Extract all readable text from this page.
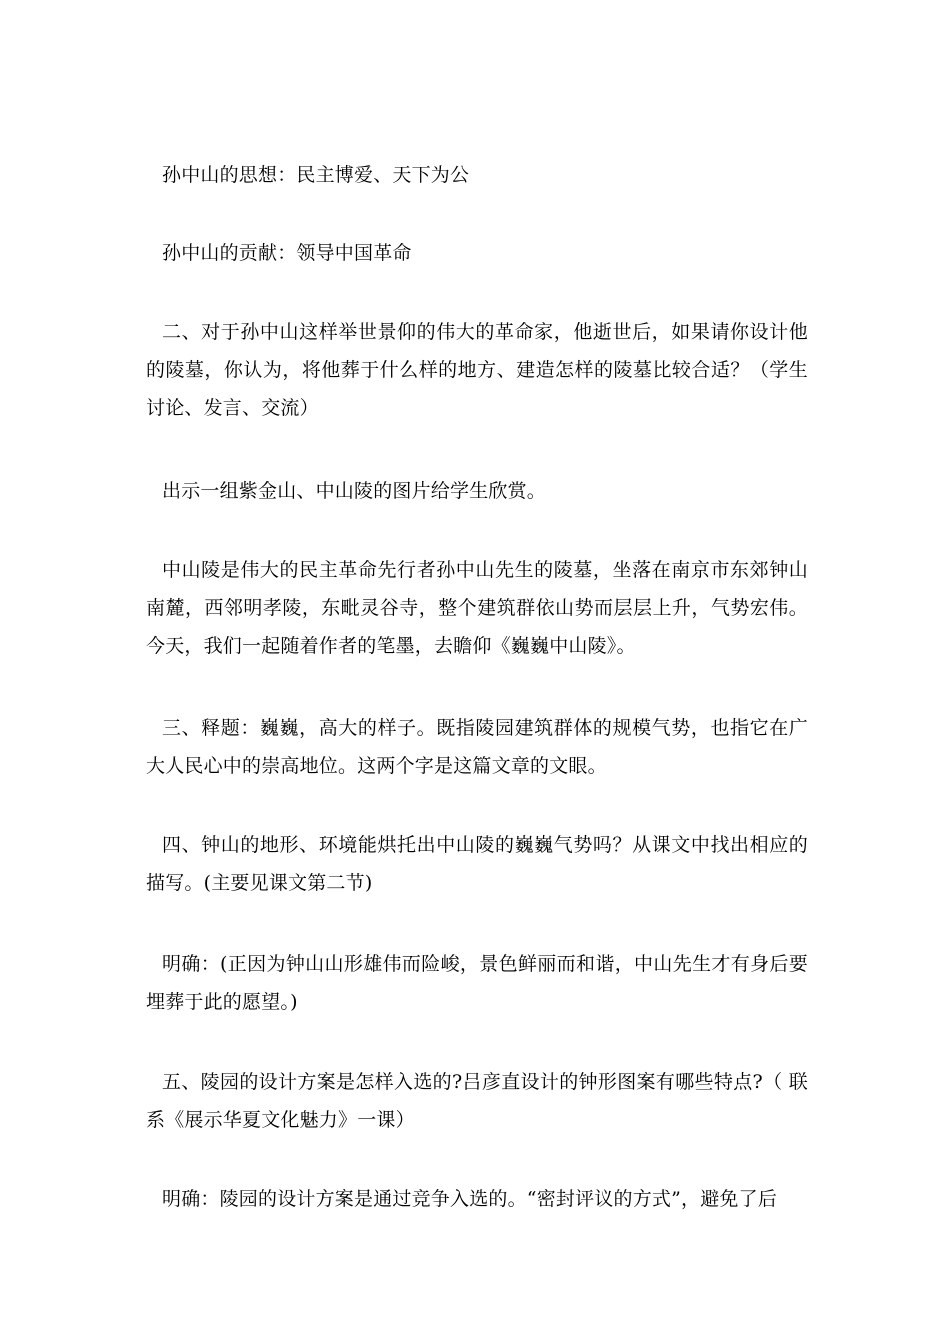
孙中山的思想：民主博爱、天下为公

孙中山的贡献：领导中国革命

二、对于孙中山这样举世景仰的伟大的革命家，他逝世后，如果请你设计他的陵墓，你认为，将他葬于什么样的地方、建造怎样的陵墓比较合适？（学生讨论、发言、交流）

出示一组紫金山、中山陵的图片给学生欣赏。

中山陵是伟大的民主革命先行者孙中山先生的陵墓，坐落在南京市东郊钟山南麓，西邻明孝陵，东毗灵谷寺，整个建筑群依山势而层层上升，气势宏伟。今天，我们一起随着作者的笔墨，去瞻仰《巍巍中山陵》。

三、释题：巍巍，高大的样子。既指陵园建筑群体的规模气势，也指它在广大人民心中的崇高地位。这两个字是这篇文章的文眼。

四、钟山的地形、环境能烘托出中山陵的巍巍气势吗？从课文中找出相应的描写。(主要见课文第二节)

明确：(正因为钟山山形雄伟而险峻，景色鲜丽而和谐，中山先生才有身后要埋葬于此的愿望。)

五、陵园的设计方案是怎样入选的?吕彦直设计的钟形图案有哪些特点?（ 联系《展示华夏文化魅力》一课）

明确：陵园的设计方案是通过竞争入选的。“密封评议的方式”，避免了后
